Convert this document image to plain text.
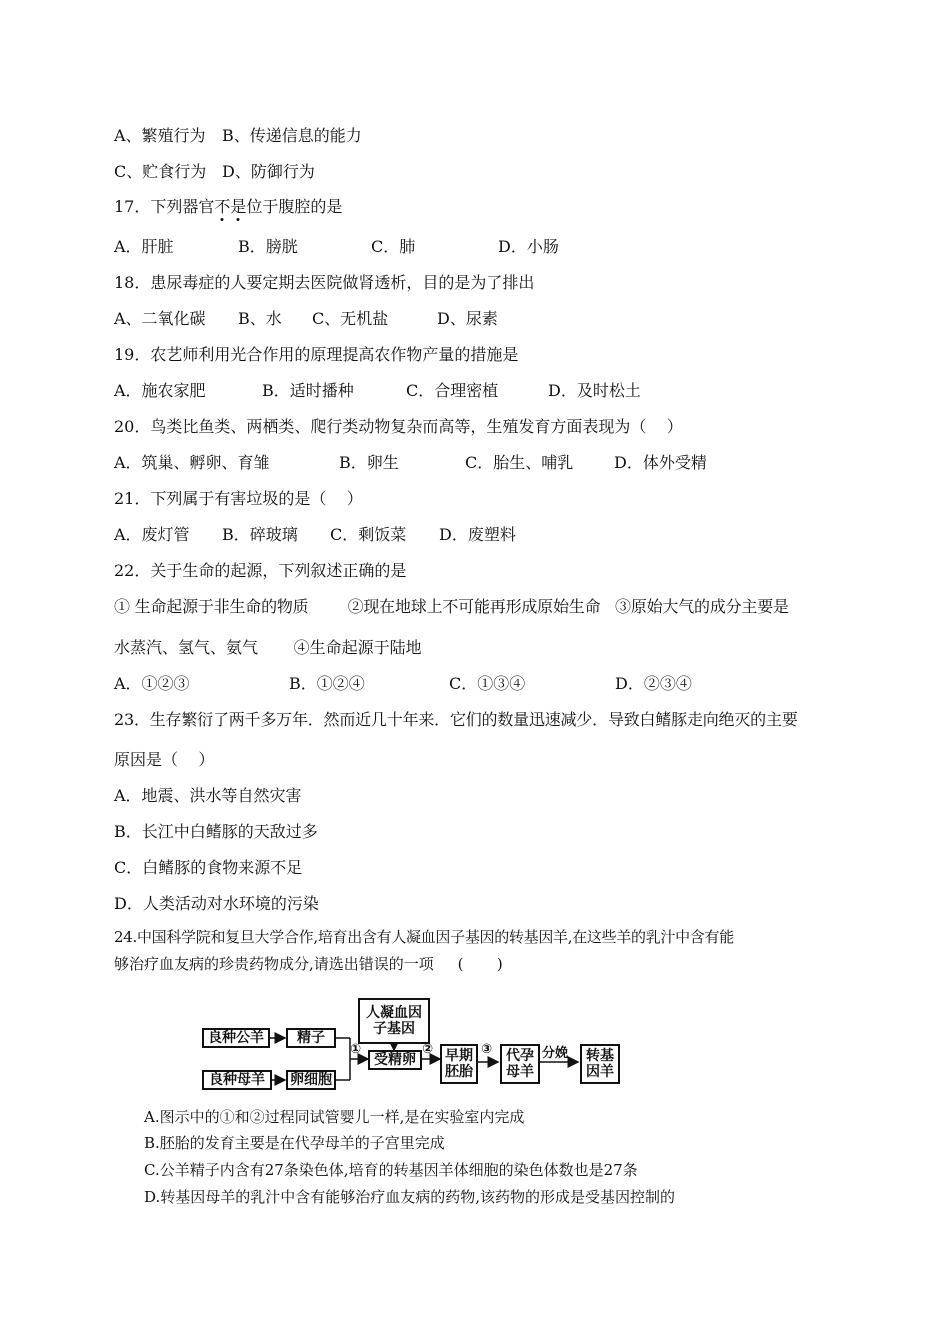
A、繁殖行为 B、传递信息的能力
C、贮食行为 D、防御行为
17．下列器官不是位于腹腔的是
A．肝脏	B．膀胱	C．肺	D．小肠
18．患尿毒症的人要定期去医院做肾透析，目的是为了排出
A、二氧化碳 B、水 C、无机盐	D、尿素
19．农艺师利用光合作用的原理提高农作物产量的措施是
A．施农家肥	B．适时播种	C．合理密植	D．及时松土
20．鸟类比鱼类、两栖类、爬行类动物复杂而高等，生殖发育方面表现为（    ）
A．筑巢、孵卵、育雏	B．卵生	C．胎生、哺乳	D．体外受精
21．下列属于有害垃圾的是（    ）
A．废灯管 B．碎玻璃 C．剩饭菜 D．废塑料
22．关于生命的起源，下列叙述正确的是
① 生命起源于非生命的物质        ②现在地球上不可能再形成原始生命   ③原始大气的成分主要是
水蒸汽、氢气、氨气       ④生命起源于陆地
A．①②③	B．①②④	C．①③④	D．②③④
23．生存繁衍了两千多万年．然而近几十年来．它们的数量迅速减少．导致白鳍豚走向绝灭的主要
原因是（    ）
A．地震、洪水等自然灾害
B．长江中白鳍豚的天敌过多
C．白鳍豚的食物来源不足
D．人类活动对水环境的污染
24.中国科学院和复旦大学合作,培育出含有人凝血因子基因的转基因羊,在这些羊的乳汁中含有能
够治疗血友病的珍贵药物成分,请选出错误的一项     (       )
良种公羊	精子
良种母羊	卵细胞
人凝血因
子基因
受精卵	早期
胚胎
代孕
母羊
转基
因羊
①	②	③	分娩
A.图示中的①和②过程同试管婴儿一样,是在实验室内完成
B.胚胎的发育主要是在代孕母羊的子宫里完成
C.公羊精子内含有27条染色体,培育的转基因羊体细胞的染色体数也是27条
D.转基因母羊的乳汁中含有能够治疗血友病的药物,该药物的形成是受基因控制的
